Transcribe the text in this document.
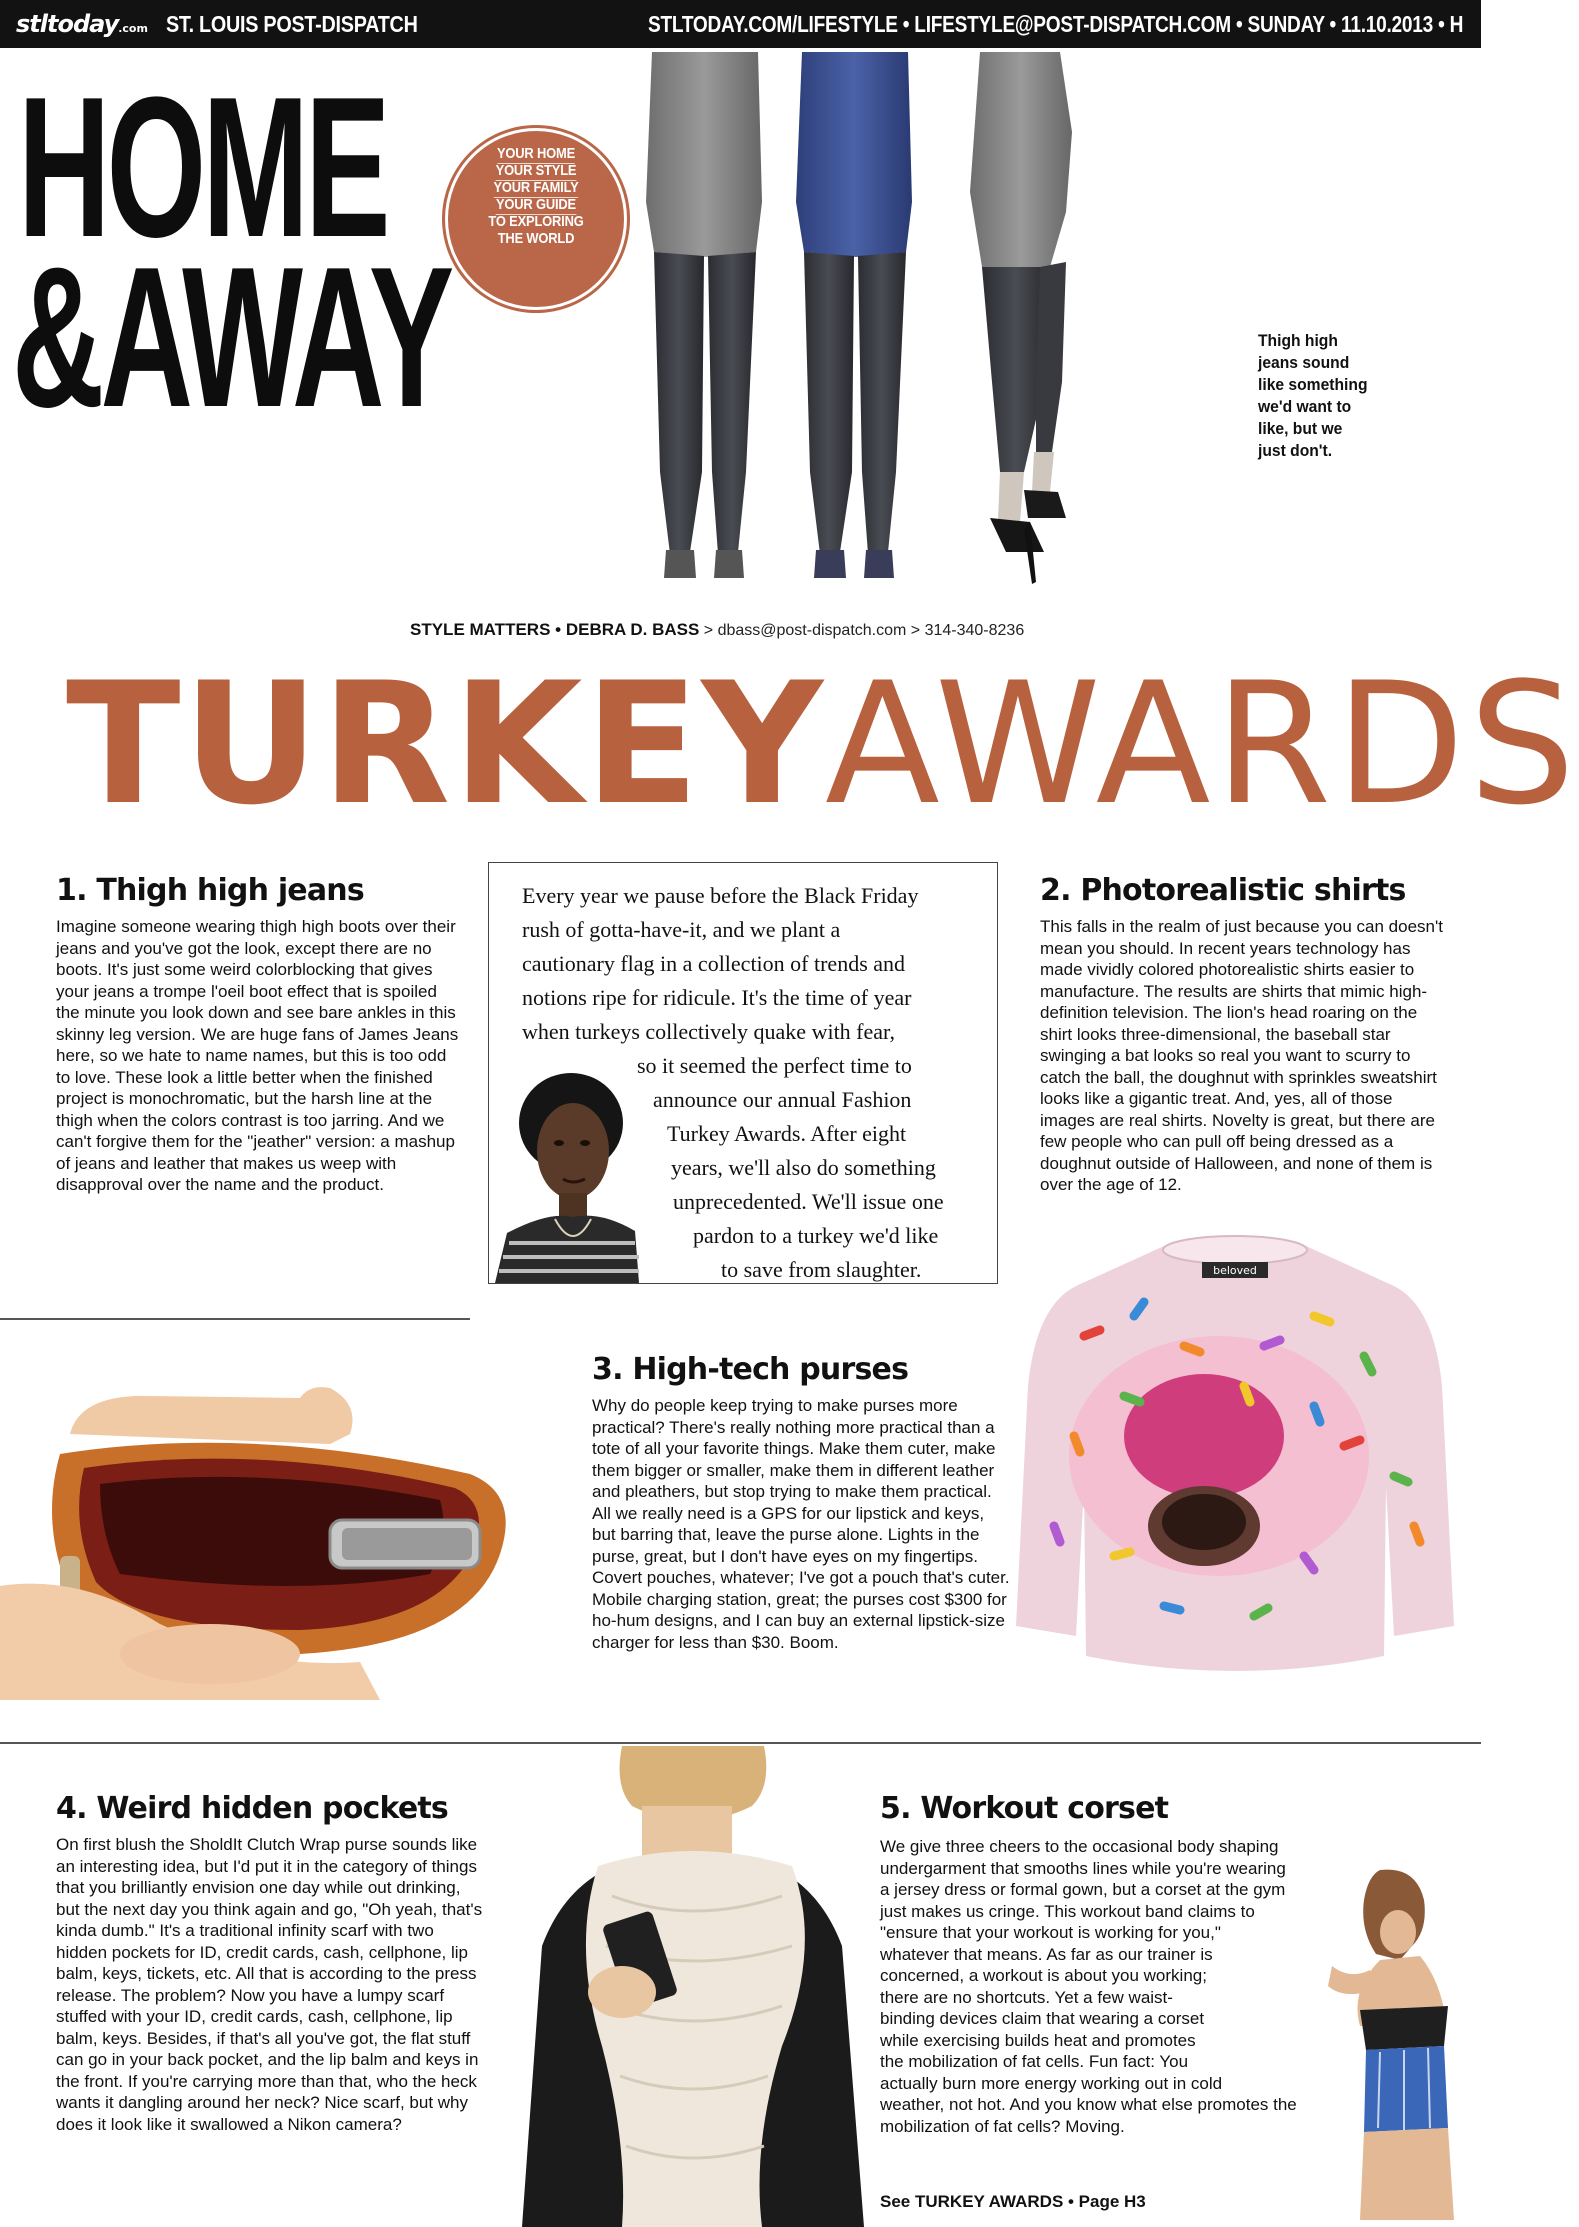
stltoday.com ST. LOUIS POST-DISPATCH	STLTODAY.COM/LIFESTYLE • LIFESTYLE@POST-DISPATCH.COM • SUNDAY • 11.10.2013 • H
HOME
&AWAY
YOUR HOME
YOUR STYLE
YOUR FAMILY
YOUR GUIDE
TO EXPLORING
THE WORLD
Thigh high
jeans sound
like something
we'd want to
like, but we
just don't.
STYLE MATTERS • DEBRA D. BASS > dbass@post-dispatch.com > 314-340-8236
TURKEYAWARDS
1. Thigh high jeans

Imagine someone wearing thigh high boots over their jeans and you've got the look, except there are no boots. It's just some weird colorblocking that gives your jeans a trompe l'oeil boot effect that is spoiled the minute you look down and see bare ankles in this skinny leg version. We are huge fans of James Jeans here, so we hate to name names, but this is too odd to love. These look a little better when the finished project is monochromatic, but the harsh line at the thigh when the colors contrast is too jarring. And we can't forgive them for the "jeather" version: a mashup of jeans and leather that makes us weep with disapproval over the name and the product.

Every year we pause before the Black Friday
rush of gotta-have-it, and we plant a
cautionary flag in a collection of trends and
notions ripe for ridicule. It's the time of year
when turkeys collectively quake with fear,
so it seemed the perfect time to
announce our annual Fashion
Turkey Awards. After eight
years, we'll also do something
unprecedented. We'll issue one
pardon to a turkey we'd like
to save from slaughter.
2. Photorealistic shirts

This falls in the realm of just because you can doesn't mean you should. In recent years technology has made vividly colored photorealistic shirts easier to manufacture. The results are shirts that mimic high-definition television. The lion's head roaring on the shirt looks three-dimensional, the baseball star swinging a bat looks so real you want to scurry to catch the ball, the doughnut with sprinkles sweatshirt looks like a gigantic treat. And, yes, all of those images are real shirts. Novelty is great, but there are few people who can pull off being dressed as a doughnut outside of Halloween, and none of them is over the age of 12.

3. High-tech purses

Why do people keep trying to make purses more practical? There's really nothing more practical than a tote of all your favorite things. Make them cuter, make them bigger or smaller, make them in different leather and pleathers, but stop trying to make them practical. All we really need is a GPS for our lipstick and keys, but barring that, leave the purse alone. Lights in the purse, great, but I don't have eyes on my fingertips. Covert pouches, whatever; I've got a pouch that's cuter. Mobile charging station, great; the purses cost $300 for ho-hum designs, and I can buy an external lipstick-size charger for less than $30. Boom.

beloved
4. Weird hidden pockets

On first blush the SholdIt Clutch Wrap purse sounds like an interesting idea, but I'd put it in the category of things that you brilliantly envision one day while out drinking, but the next day you think again and go, "Oh yeah, that's kinda dumb." It's a traditional infinity scarf with two hidden pockets for ID, credit cards, cash, cellphone, lip balm, keys, tickets, etc. All that is according to the press release. The problem? Now you have a lumpy scarf stuffed with your ID, credit cards, cash, cellphone, lip balm, keys. Besides, if that's all you've got, the flat stuff can go in your back pocket, and the lip balm and keys in the front. If you're carrying more than that, who the heck wants it dangling around her neck? Nice scarf, but why does it look like it swallowed a Nikon camera?

5. Workout corset
We give three cheers to the occasional body shaping
undergarment that smooths lines while you're wearing
a jersey dress or formal gown, but a corset at the gym
just makes us cringe. This workout band claims to
"ensure that your workout is working for you,"
whatever that means. As far as our trainer is
concerned, a workout is about you working;
there are no shortcuts. Yet a few waist-
binding devices claim that wearing a corset
while exercising builds heat and promotes
the mobilization of fat cells. Fun fact: You
actually burn more energy working out in cold
weather, not hot. And you know what else promotes the
mobilization of fat cells? Moving.
See TURKEY AWARDS • Page H3
